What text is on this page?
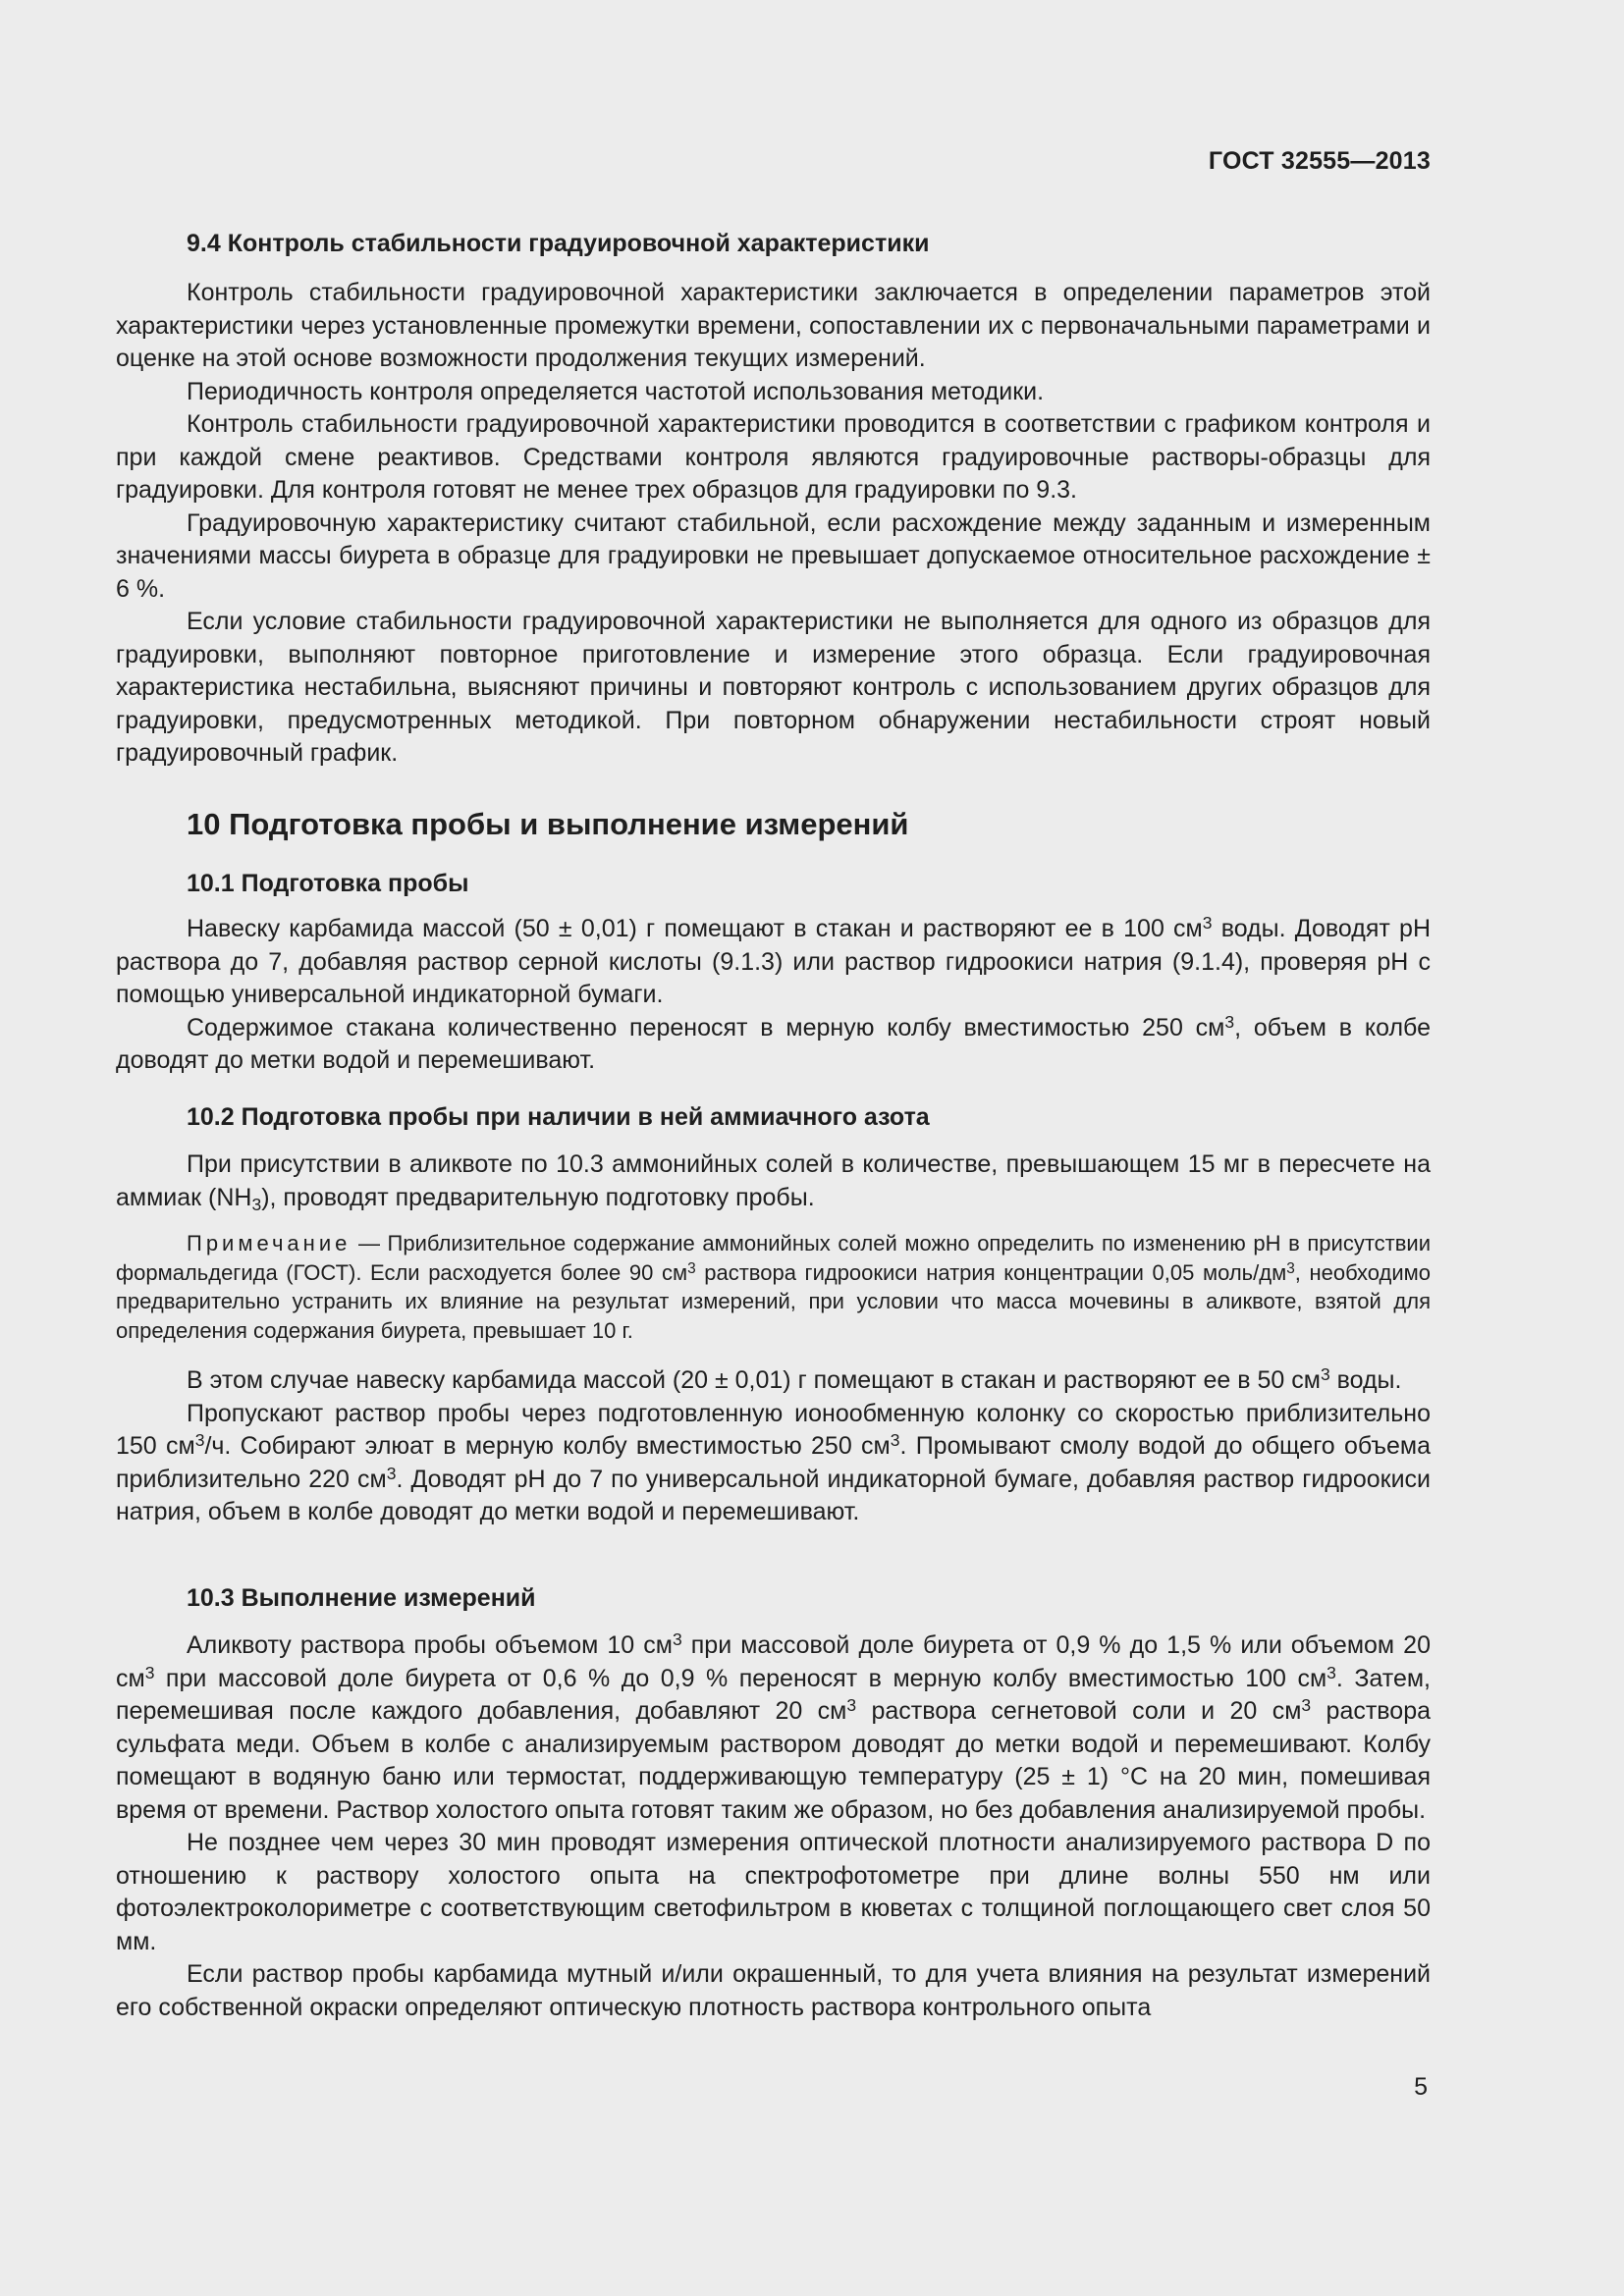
ГОСТ 32555—2013
9.4 Контроль стабильности градуировочной характеристики

Контроль стабильности градуировочной характеристики заключается в определении параметров этой характеристики через установленные промежутки времени, сопоставлении их с первоначальными параметрами и оценке на этой основе возможности продолжения текущих измерений.

Периодичность контроля определяется частотой использования методики.

Контроль стабильности градуировочной характеристики проводится в соответствии с графиком контроля и при каждой смене реактивов. Средствами контроля являются градуировочные растворы-образцы для градуировки. Для контроля готовят не менее трех образцов для градуировки по 9.3.

Градуировочную характеристику считают стабильной, если расхождение между заданным и измеренным значениями массы биурета в образце для градуировки не превышает допускаемое относительное расхождение ± 6 %.

Если условие стабильности градуировочной характеристики не выполняется для одного из образцов для градуировки, выполняют повторное приготовление и измерение этого образца. Если градуировочная характеристика нестабильна, выясняют причины и повторяют контроль с использованием других образцов для градуировки, предусмотренных методикой. При повторном обнаружении нестабильности строят новый градуировочный график.

10 Подготовка пробы и выполнение измерений
10.1 Подготовка пробы

Навеску карбамида массой (50 ± 0,01) г помещают в стакан и растворяют ее в 100 $см^3$ воды. Доводят pH раствора до 7, добавляя раствор серной кислоты (9.1.3) или раствор гидроокиси натрия (9.1.4), проверяя pH с помощью универсальной индикаторной бумаги.

Содержимое стакана количественно переносят в мерную колбу вместимостью 250 $см^3$, объем в колбе доводят до метки водой и перемешивают.

10.2 Подготовка пробы при наличии в ней аммиачного азота

При присутствии в аликвоте по 10.3 аммонийных солей в количестве, превышающем 15 мг в пересчете на аммиак $(NH_3)$, проводят предварительную подготовку пробы.

Примечание — Приблизительное содержание аммонийных солей можно определить по изменению pH в присутствии формальдегида (ГОСТ). Если расходуется более 90 $см^3$ раствора гидроокиси натрия концентрации 0,05 моль/$дм^3$, необходимо предварительно устранить их влияние на результат измерений, при условии что масса мочевины в аликвоте, взятой для определения содержания биурета, превышает 10 г.

В этом случае навеску карбамида массой (20 ± 0,01) г помещают в стакан и растворяют ее в 50 $см^3$ воды.

Пропускают раствор пробы через подготовленную ионообменную колонку со скоростью приблизительно 150 $см^3/ч$. Собирают элюат в мерную колбу вместимостью 250 $см^3$. Промывают смолу водой до общего объема приблизительно 220 $см^3$. Доводят pH до 7 по универсальной индикаторной бумаге, добавляя раствор гидроокиси натрия, объем в колбе доводят до метки водой и перемешивают.

10.3 Выполнение измерений

Аликвоту раствора пробы объемом 10 $см^3$ при массовой доле биурета от 0,9 % до 1,5 % или объемом 20 $см^3$ при массовой доле биурета от 0,6 % до 0,9 % переносят в мерную колбу вместимостью 100 $см^3$. Затем, перемешивая после каждого добавления, добавляют 20 $см^3$ раствора сегнетовой соли и 20 $см^3$ раствора сульфата меди. Объем в колбе с анализируемым раствором доводят до метки водой и перемешивают. Колбу помещают в водяную баню или термостат, поддерживающую температуру (25 ± 1) °C на 20 мин, помешивая время от времени. Раствор холостого опыта готовят таким же образом, но без добавления анализируемой пробы.

Не позднее чем через 30 мин проводят измерения оптической плотности анализируемого раствора D по отношению к раствору холостого опыта на спектрофотометре при длине волны 550 нм или фотоэлектроколориметре с соответствующим светофильтром в кюветах с толщиной поглощающего свет слоя 50 мм.

Если раствор пробы карбамида мутный и/или окрашенный, то для учета влияния на результат измерений его собственной окраски определяют оптическую плотность раствора контрольного опыта

5
